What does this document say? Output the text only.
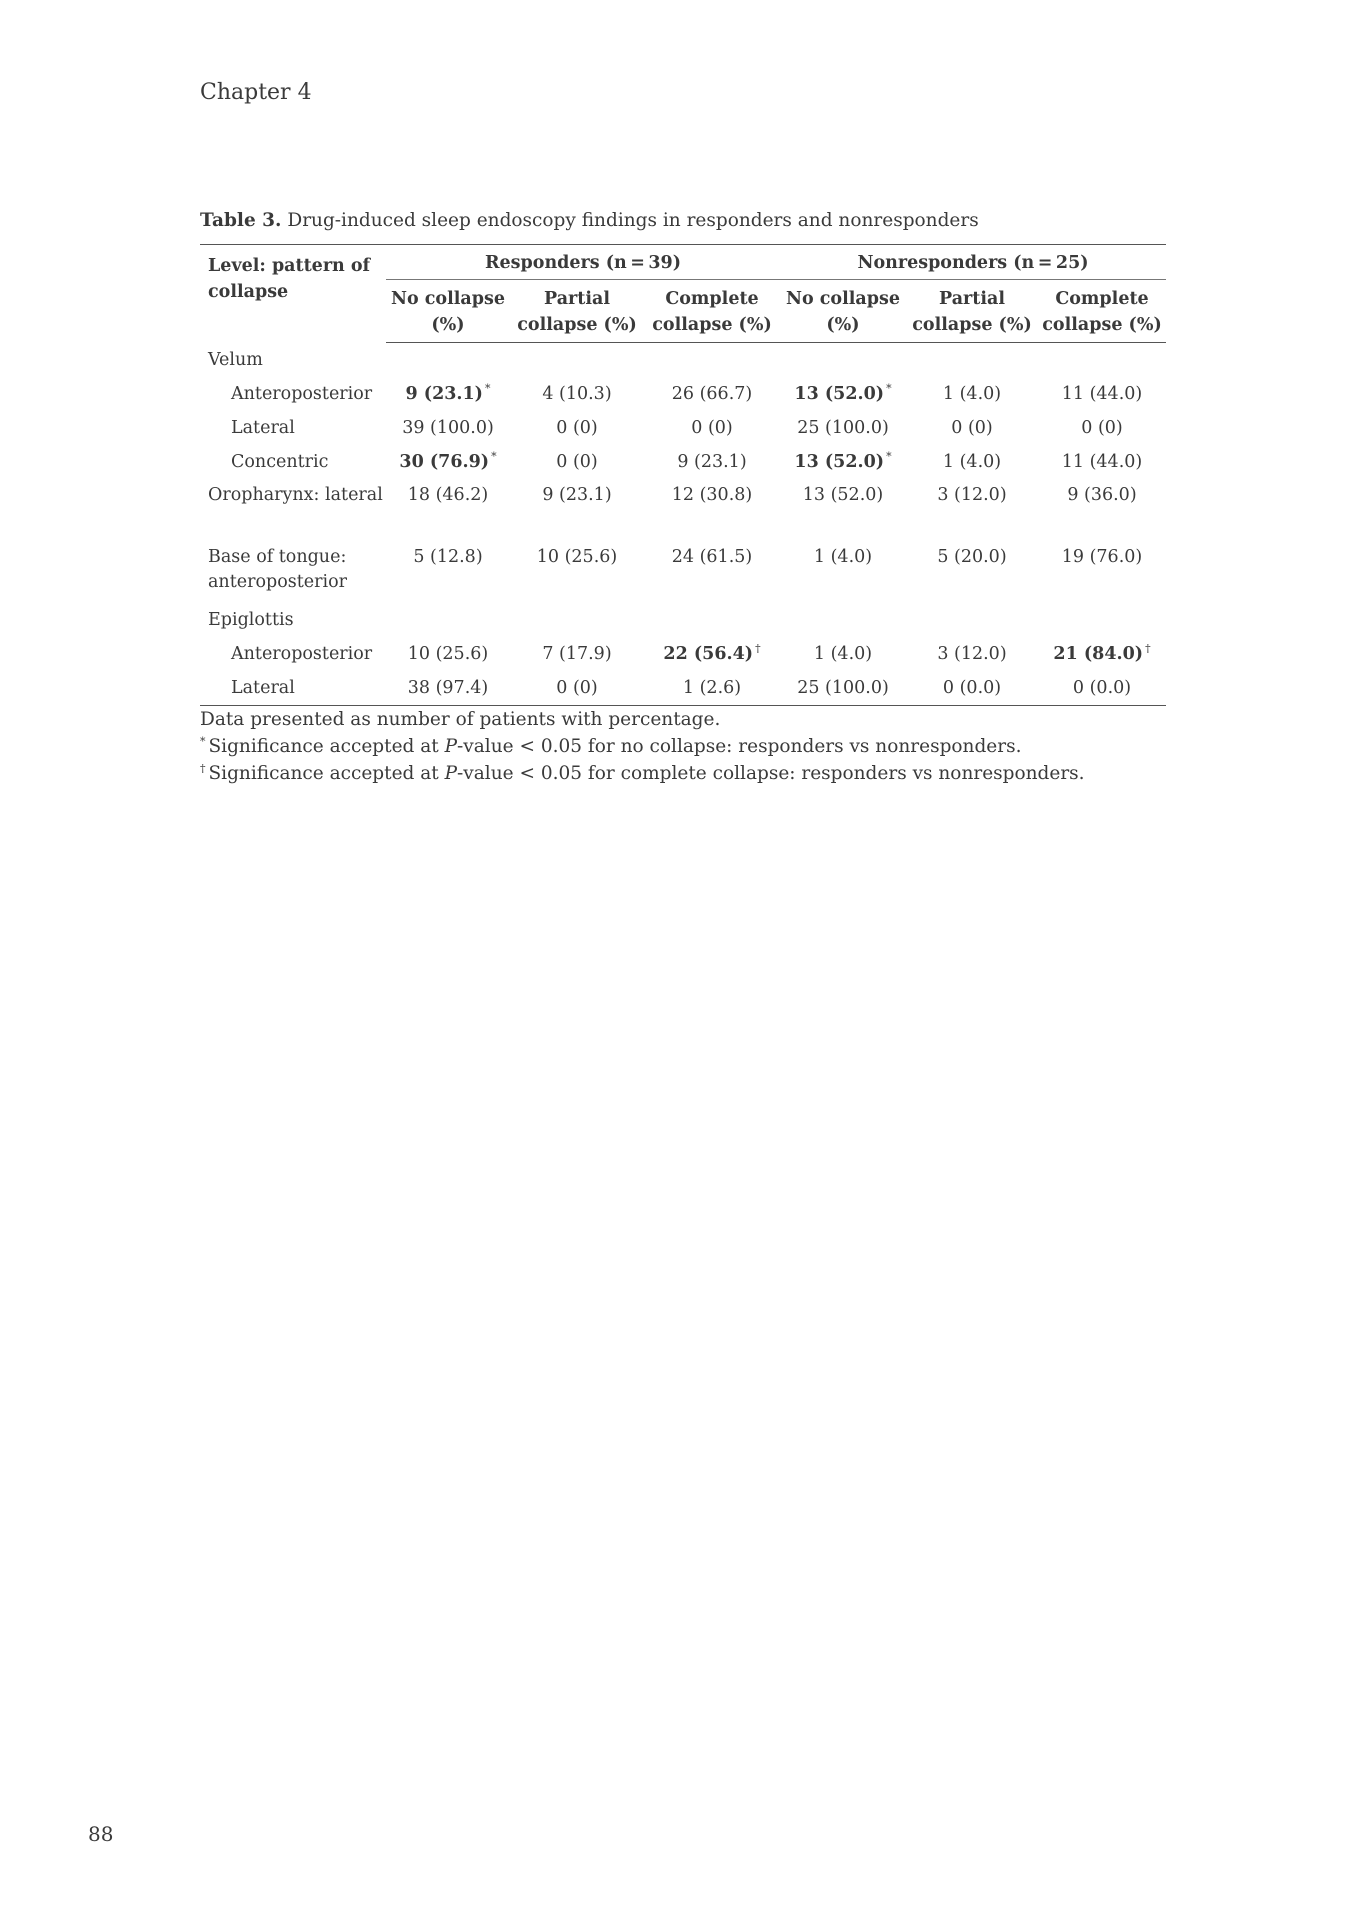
Chapter 4
Table 3. Drug-induced sleep endoscopy findings in responders and nonresponders
Level: pattern of collapse	Responders (n = 39)			Nonresponders (n = 25)		
	No collapse (%)	Partial collapse (%)	Complete collapse (%)	No collapse (%)	Partial collapse (%)	Complete collapse (%)
Velum						
Anteroposterior	9 (23.1) *	4 (10.3)	26 (66.7)	13 (52.0) *	1 (4.0)	11 (44.0)
Lateral	39 (100.0)	0 (0)	0 (0)	25 (100.0)	0 (0)	0 (0)
Concentric	30 (76.9) *	0 (0)	9 (23.1)	13 (52.0) *	1 (4.0)	11 (44.0)
Oropharynx: lateral	18 (46.2)	9 (23.1)	12 (30.8)	13 (52.0)	3 (12.0)	9 (36.0)
Base of tongue: anteroposterior	5 (12.8)	10 (25.6)	24 (61.5)	1 (4.0)	5 (20.0)	19 (76.0)
Epiglottis						
Anteroposterior	10 (25.6)	7 (17.9)	22 (56.4) †	1 (4.0)	3 (12.0)	21 (84.0) †
Lateral	38 (97.4)	0 (0)	1 (2.6)	25 (100.0)	0 (0.0)	0 (0.0)
Data presented as number of patients with percentage.
* Significance accepted at P-value < 0.05 for no collapse: responders vs nonresponders.
† Significance accepted at P-value < 0.05 for complete collapse: responders vs nonresponders.
88
